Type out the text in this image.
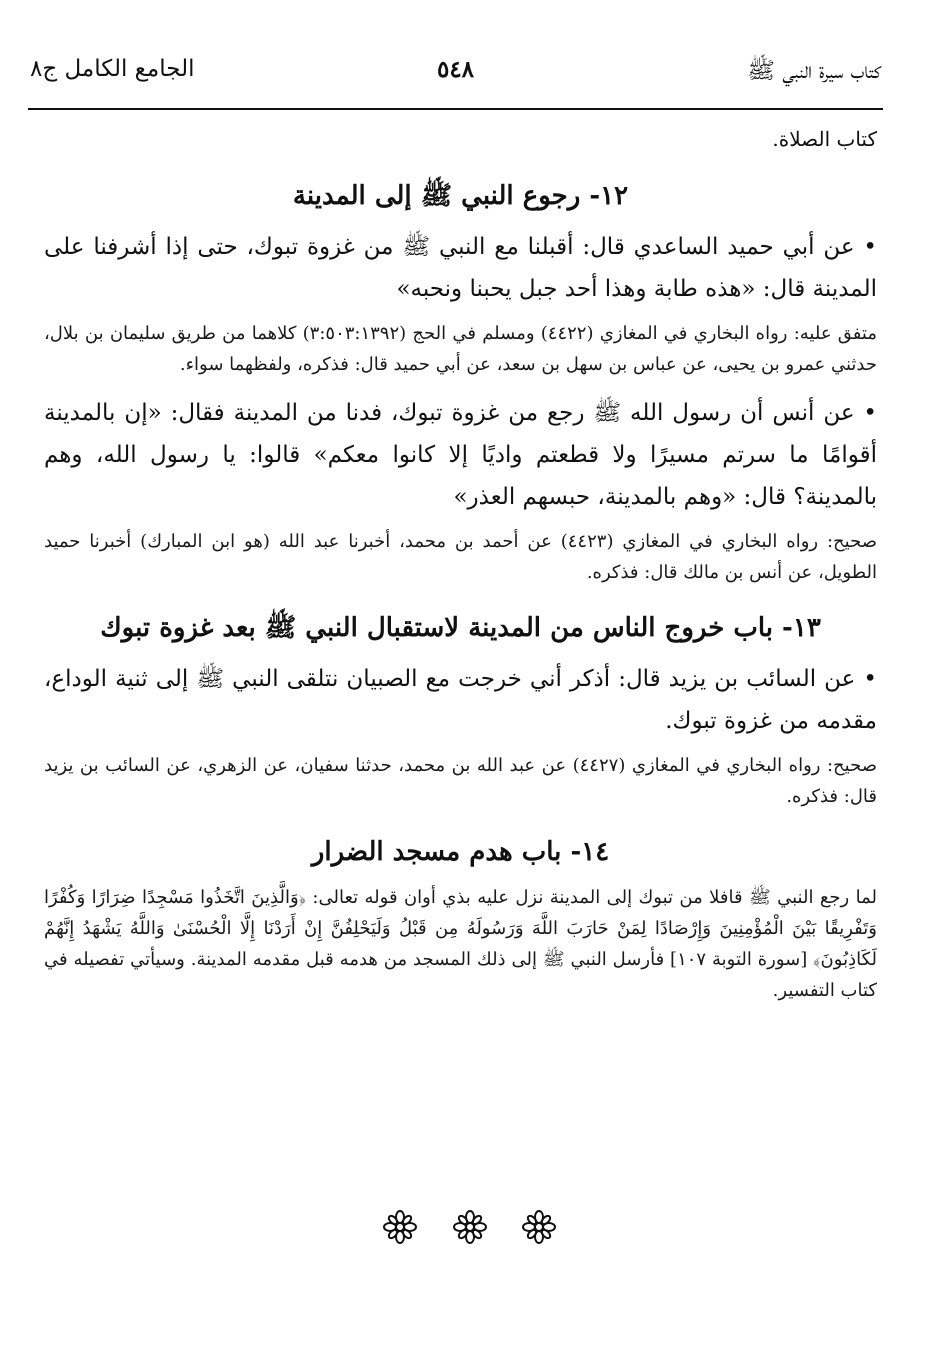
كتاب سيرة النبي ﷺ
٥٤٨
الجامع الكامل ج٨

كتاب الصلاة.

١٢- رجوع النبي ﷺ إلى المدينة

• عن أبي حميد الساعدي قال: أقبلنا مع النبي ﷺ من غزوة تبوك، حتى إذا أشرفنا على المدينة قال: «هذه طابة وهذا أحد جبل يحبنا ونحبه»

متفق عليه: رواه البخاري في المغازي (٤٤٢٢) ومسلم في الحج (٣:٥٠٣:١٣٩٢) كلاهما من طريق سليمان بن بلال، حدثني عمرو بن يحيى، عن عباس بن سهل بن سعد، عن أبي حميد قال: فذكره، ولفظهما سواء.

• عن أنس أن رسول الله ﷺ رجع من غزوة تبوك، فدنا من المدينة فقال: «إن بالمدينة أقوامًا ما سرتم مسيرًا ولا قطعتم واديًا إلا كانوا معكم» قالوا: يا رسول الله، وهم بالمدينة؟ قال: «وهم بالمدينة، حبسهم العذر»

صحيح: رواه البخاري في المغازي (٤٤٢٣) عن أحمد بن محمد، أخبرنا عبد الله (هو ابن المبارك) أخبرنا حميد الطويل، عن أنس بن مالك قال: فذكره.

١٣- باب خروج الناس من المدينة لاستقبال النبي ﷺ بعد غزوة تبوك

• عن السائب بن يزيد قال: أذكر أني خرجت مع الصبيان نتلقى النبي ﷺ إلى ثنية الوداع، مقدمه من غزوة تبوك.

صحيح: رواه البخاري في المغازي (٤٤٢٧) عن عبد الله بن محمد، حدثنا سفيان، عن الزهري، عن السائب بن يزيد قال: فذكره.

١٤- باب هدم مسجد الضرار

لما رجع النبي ﷺ قافلا من تبوك إلى المدينة نزل عليه بذي أوان قوله تعالى: ﴿وَالَّذِينَ اتَّخَذُوا مَسْجِدًا ضِرَارًا وَكُفْرًا وَتَفْرِيقًا بَيْنَ الْمُؤْمِنِينَ وَإِرْصَادًا لِمَنْ حَارَبَ اللَّهَ وَرَسُولَهُ مِن قَبْلُ وَلَيَحْلِفُنَّ إِنْ أَرَدْنَا إِلَّا الْحُسْنَىٰ وَاللَّهُ يَشْهَدُ إِنَّهُمْ لَكَاذِبُونَ﴾ [سورة التوبة ١٠٧] فأرسل النبي ﷺ إلى ذلك المسجد من هدمه قبل مقدمه المدينة. وسيأتي تفصيله في كتاب التفسير.
